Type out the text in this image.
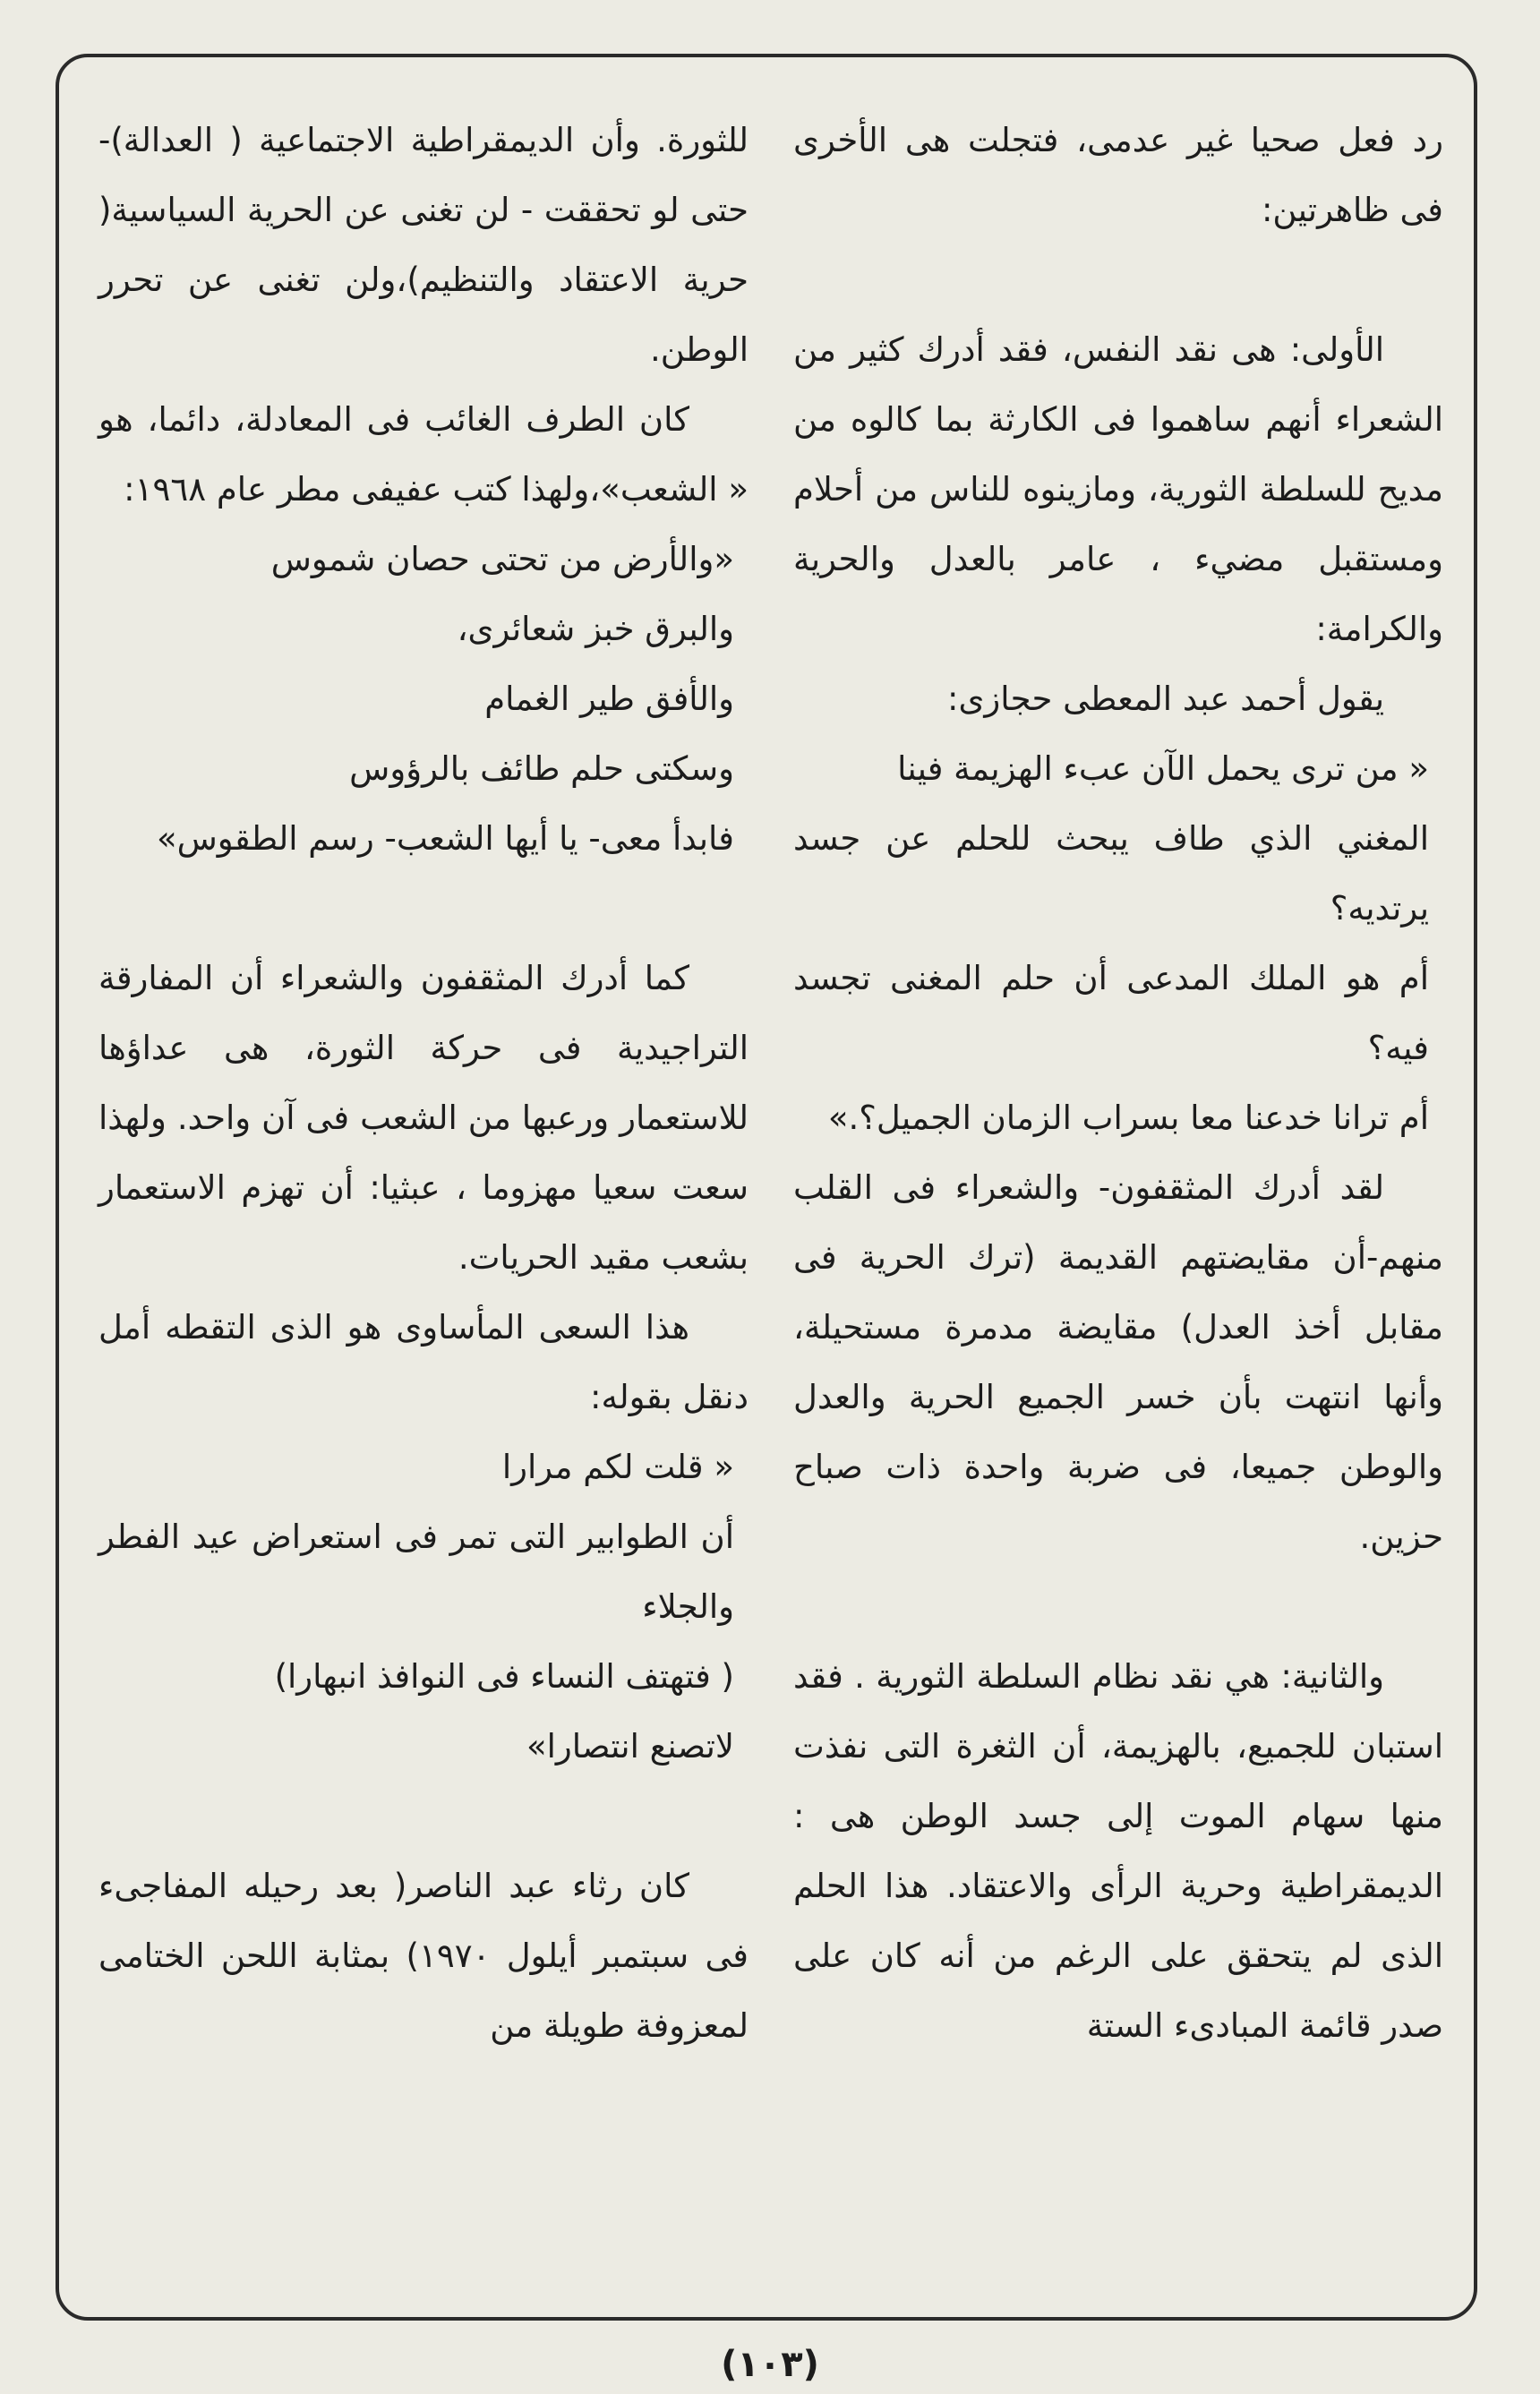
رد فعل صحيا غير عدمى، فتجلت هى الأخرى فى ظاهرتين:

الأولى: هى نقد النفس، فقد أدرك كثير من الشعراء أنهم ساهموا فى الكارثة بما كالوه من مديح للسلطة الثورية، ومازينوه للناس من أحلام ومستقبل مضيء ، عامر بالعدل والحرية والكرامة:

يقول أحمد عبد المعطى حجازى:

« من ترى يحمل الآن عبء الهزيمة فينا

المغني الذي طاف يبحث للحلم عن جسد يرتديه؟

أم هو الملك المدعى أن حلم المغنى تجسد فيه؟

أم ترانا خدعنا معا بسراب الزمان الجميل؟.»

لقد أدرك المثقفون- والشعراء فى القلب منهم-أن مقايضتهم القديمة (ترك الحرية فى مقابل أخذ العدل) مقايضة مدمرة مستحيلة، وأنها انتهت بأن خسر الجميع الحرية والعدل والوطن جميعا، فى ضربة واحدة ذات صباح حزين.

والثانية: هي نقد نظام السلطة الثورية . فقد استبان للجميع، بالهزيمة، أن الثغرة التى نفذت منها سهام الموت إلى جسد الوطن هى : الديمقراطية وحرية الرأى والاعتقاد. هذا الحلم الذى لم يتحقق على الرغم من أنه كان على صدر قائمة المبادىء الستة

للثورة. وأن الديمقراطية الاجتماعية ( العدالة)- حتى لو تحققت - لن تغنى عن الحرية السياسية( حرية الاعتقاد والتنظيم)،ولن تغنى عن تحرر الوطن.

كان الطرف الغائب فى المعادلة، دائما، هو « الشعب»،ولهذا كتب عفيفى مطر عام ١٩٦٨:

«والأرض من تحتى حصان شموس

والبرق خبز شعائرى،

والأفق طير الغمام

وسكتى حلم طائف بالرؤوس

فابدأ معى- يا أيها الشعب- رسم الطقوس»

كما أدرك المثقفون والشعراء أن المفارقة التراجيدية فى حركة الثورة، هى عداؤها للاستعمار ورعبها من الشعب فى آن واحد. ولهذا سعت سعيا مهزوما ، عبثيا: أن تهزم الاستعمار بشعب مقيد الحريات.

هذا السعى المأساوى هو الذى التقطه أمل دنقل بقوله:

« قلت لكم مرارا

أن الطوابير التى تمر فى استعراض عيد الفطر والجلاء

( فتهتف النساء فى النوافذ انبهارا)

لاتصنع انتصارا»

كان رثاء عبد الناصر( بعد رحيله المفاجىء فى سبتمبر أيلول ١٩٧٠) بمثابة اللحن الختامى لمعزوفة طويلة من

(١٠٣)
